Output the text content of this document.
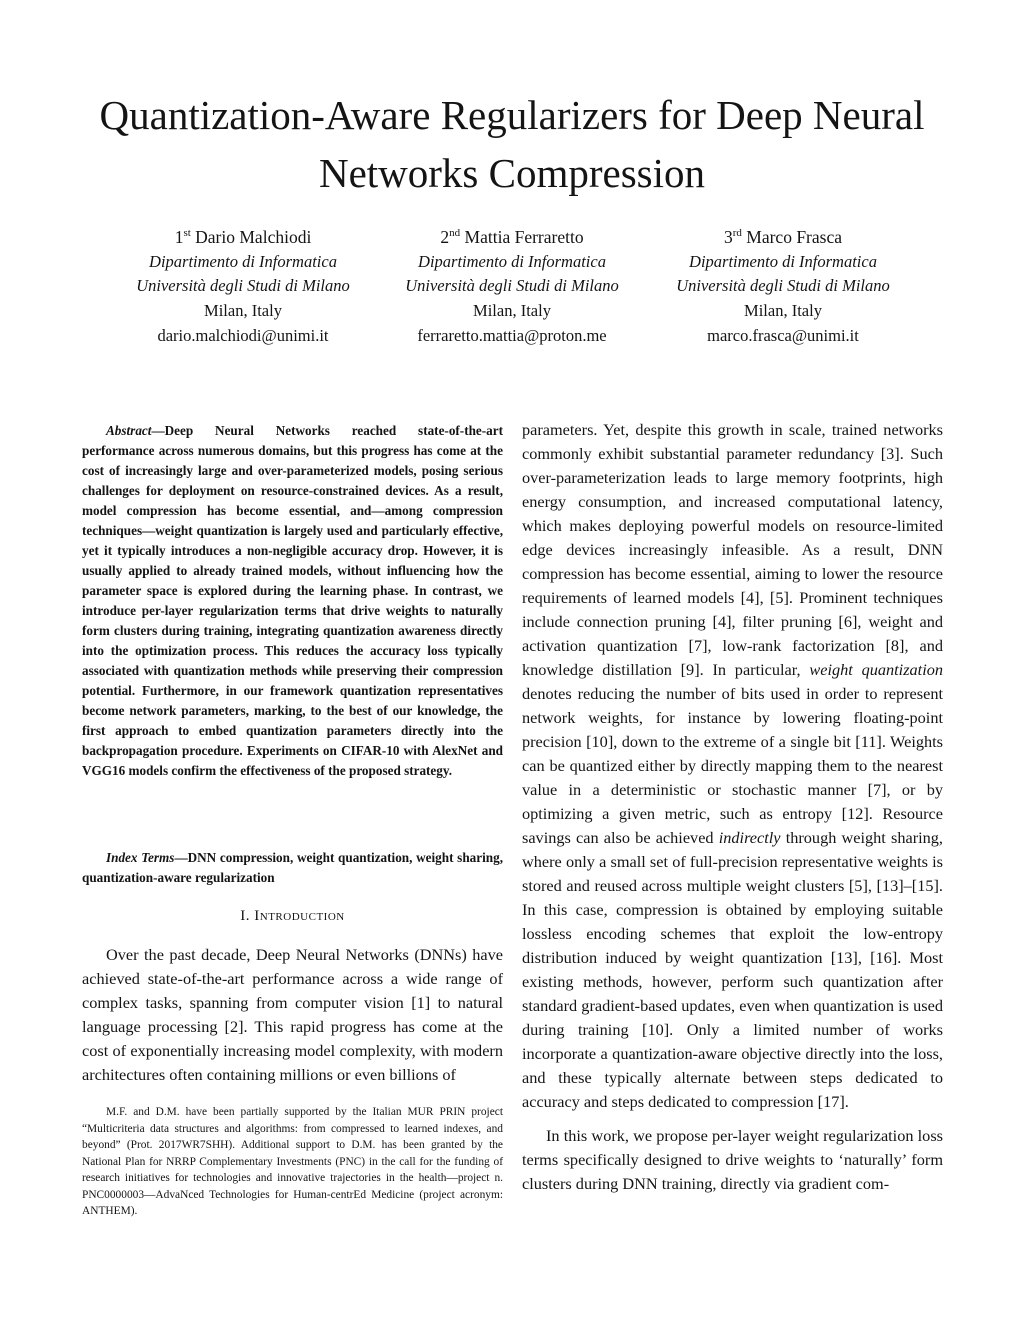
Quantization-Aware Regularizers for Deep Neural Networks Compression
1st Dario Malchiodi
Dipartimento di Informatica
Università degli Studi di Milano
Milan, Italy
dario.malchiodi@unimi.it
2nd Mattia Ferraretto
Dipartimento di Informatica
Università degli Studi di Milano
Milan, Italy
ferraretto.mattia@proton.me
3rd Marco Frasca
Dipartimento di Informatica
Università degli Studi di Milano
Milan, Italy
marco.frasca@unimi.it

Abstract—Deep Neural Networks reached state-of-the-art performance across numerous domains, but this progress has come at the cost of increasingly large and over-parameterized models, posing serious challenges for deployment on resource-constrained devices. As a result, model compression has become essential, and—among compression techniques—weight quantization is largely used and particularly effective, yet it typically introduces a non-negligible accuracy drop. However, it is usually applied to already trained models, without influencing how the parameter space is explored during the learning phase. In contrast, we introduce per-layer regularization terms that drive weights to naturally form clusters during training, integrating quantization awareness directly into the optimization process. This reduces the accuracy loss typically associated with quantization methods while preserving their compression potential. Furthermore, in our framework quantization representatives become network parameters, marking, to the best of our knowledge, the first approach to embed quantization parameters directly into the backpropagation procedure. Experiments on CIFAR-10 with AlexNet and VGG16 models confirm the effectiveness of the proposed strategy.

Index Terms—DNN compression, weight quantization, weight sharing, quantization-aware regularization

I. Introduction

Over the past decade, Deep Neural Networks (DNNs) have achieved state-of-the-art performance across a wide range of complex tasks, spanning from computer vision [1] to natural language processing [2]. This rapid progress has come at the cost of exponentially increasing model complexity, with modern architectures often containing millions or even billions of

M.F. and D.M. have been partially supported by the Italian MUR PRIN project “Multicriteria data structures and algorithms: from compressed to learned indexes, and beyond” (Prot. 2017WR7SHH). Additional support to D.M. has been granted by the National Plan for NRRP Complementary Investments (PNC) in the call for the funding of research initiatives for technologies and innovative trajectories in the health—project n. PNC0000003—AdvaNced Technologies for Human-centrEd Medicine (project acronym: ANTHEM).

parameters. Yet, despite this growth in scale, trained networks commonly exhibit substantial parameter redundancy [3]. Such over-parameterization leads to large memory footprints, high energy consumption, and increased computational latency, which makes deploying powerful models on resource-limited edge devices increasingly infeasible. As a result, DNN compression has become essential, aiming to lower the resource requirements of learned models [4], [5]. Prominent techniques include connection pruning [4], filter pruning [6], weight and activation quantization [7], low-rank factorization [8], and knowledge distillation [9]. In particular, weight quantization denotes reducing the number of bits used in order to represent network weights, for instance by lowering floating-point precision [10], down to the extreme of a single bit [11]. Weights can be quantized either by directly mapping them to the nearest value in a deterministic or stochastic manner [7], or by optimizing a given metric, such as entropy [12]. Resource savings can also be achieved indirectly through weight sharing, where only a small set of full-precision representative weights is stored and reused across multiple weight clusters [5], [13]–[15]. In this case, compression is obtained by employing suitable lossless encoding schemes that exploit the low-entropy distribution induced by weight quantization [13], [16]. Most existing methods, however, perform such quantization after standard gradient-based updates, even when quantization is used during training [10]. Only a limited number of works incorporate a quantization-aware objective directly into the loss, and these typically alternate between steps dedicated to accuracy and steps dedicated to compression [17].

In this work, we propose per-layer weight regularization loss terms specifically designed to drive weights to ‘naturally’ form clusters during DNN training, directly via gradient com-
